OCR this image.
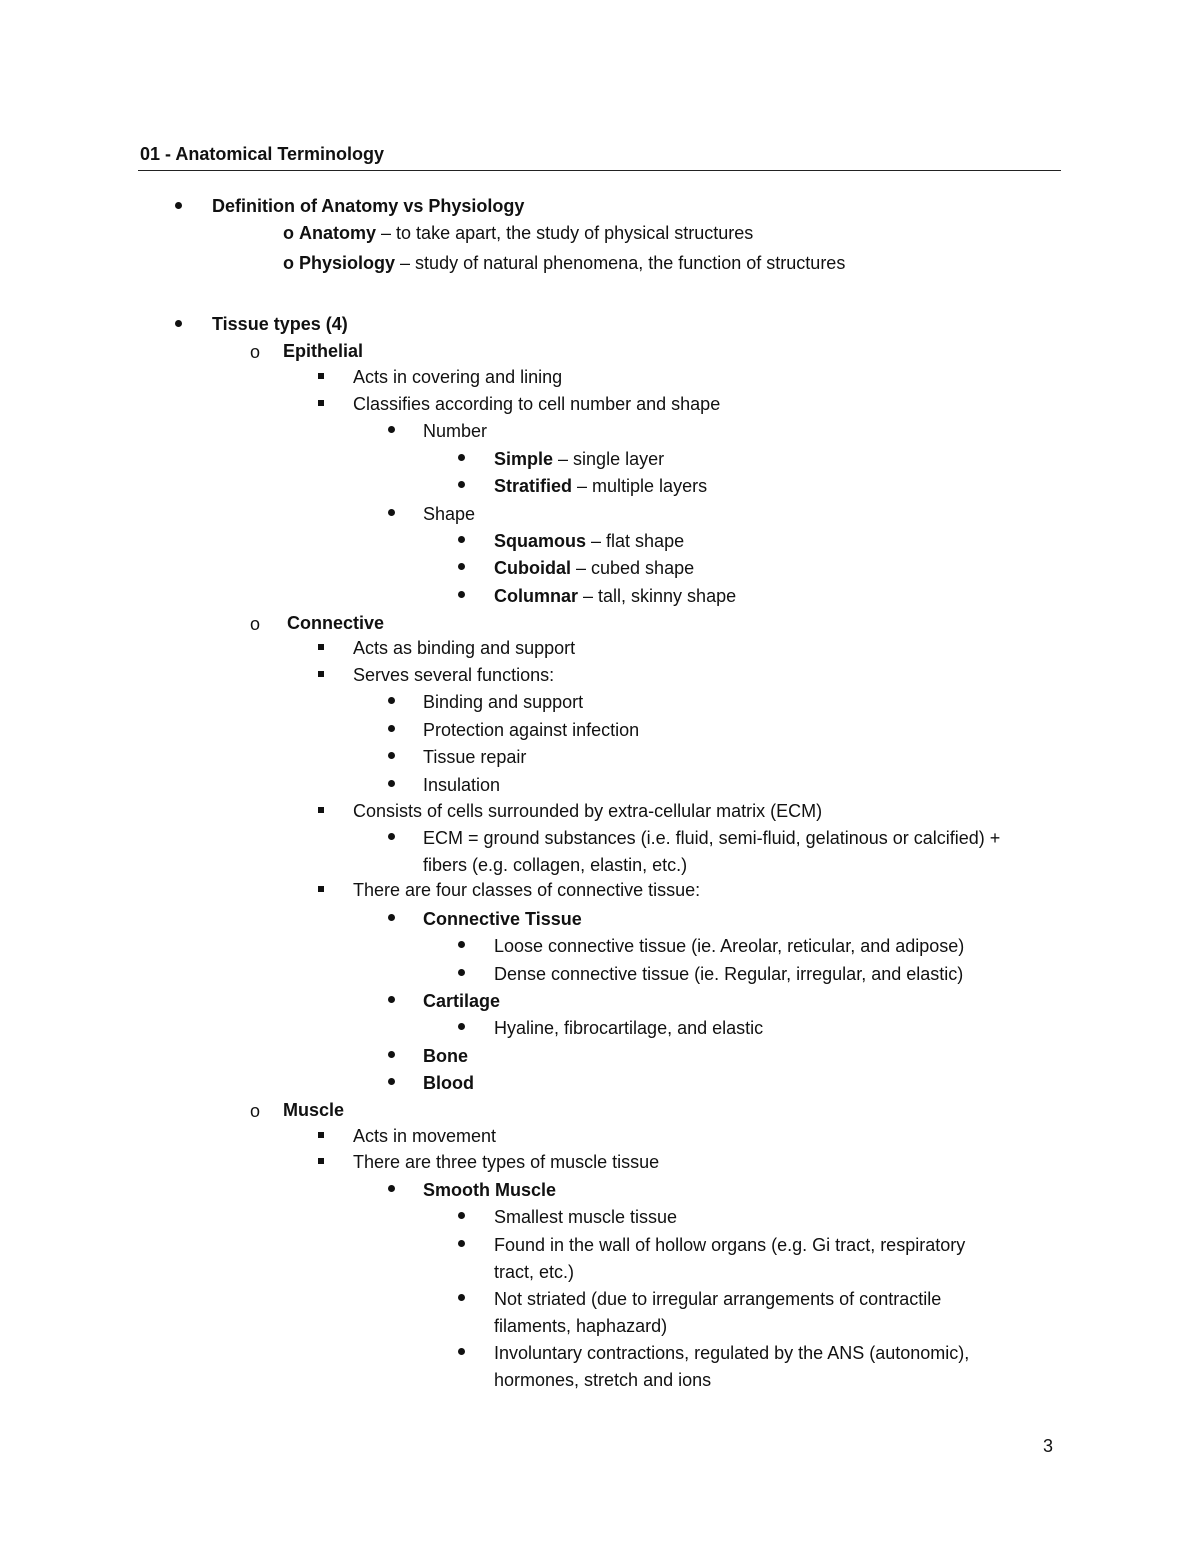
01 - Anatomical Terminology
Definition of Anatomy vs Physiology
o Anatomy – to take apart, the study of physical structures
o Physiology – study of natural phenomena, the function of structures
Tissue types (4)
o Epithelial
Acts in covering and lining
Classifies according to cell number and shape
Number
Simple – single layer
Stratified – multiple layers
Shape
Squamous – flat shape
Cuboidal – cubed shape
Columnar – tall, skinny shape
o Connective
Acts as binding and support
Serves several functions:
Binding and support
Protection against infection
Tissue repair
Insulation
Consists of cells surrounded by extra-cellular matrix (ECM)
ECM = ground substances (i.e. fluid, semi-fluid, gelatinous or calcified) +
fibers (e.g. collagen, elastin, etc.)
There are four classes of connective tissue:
Connective Tissue
Loose connective tissue (ie. Areolar, reticular, and adipose)
Dense connective tissue (ie. Regular, irregular, and elastic)
Cartilage
Hyaline, fibrocartilage, and elastic
Bone
Blood
o Muscle
Acts in movement
There are three types of muscle tissue
Smooth Muscle
Smallest muscle tissue
Found in the wall of hollow organs (e.g. Gi tract, respiratory
tract, etc.)
Not striated (due to irregular arrangements of contractile
filaments, haphazard)
Involuntary contractions, regulated by the ANS (autonomic),
hormones, stretch and ions
3
